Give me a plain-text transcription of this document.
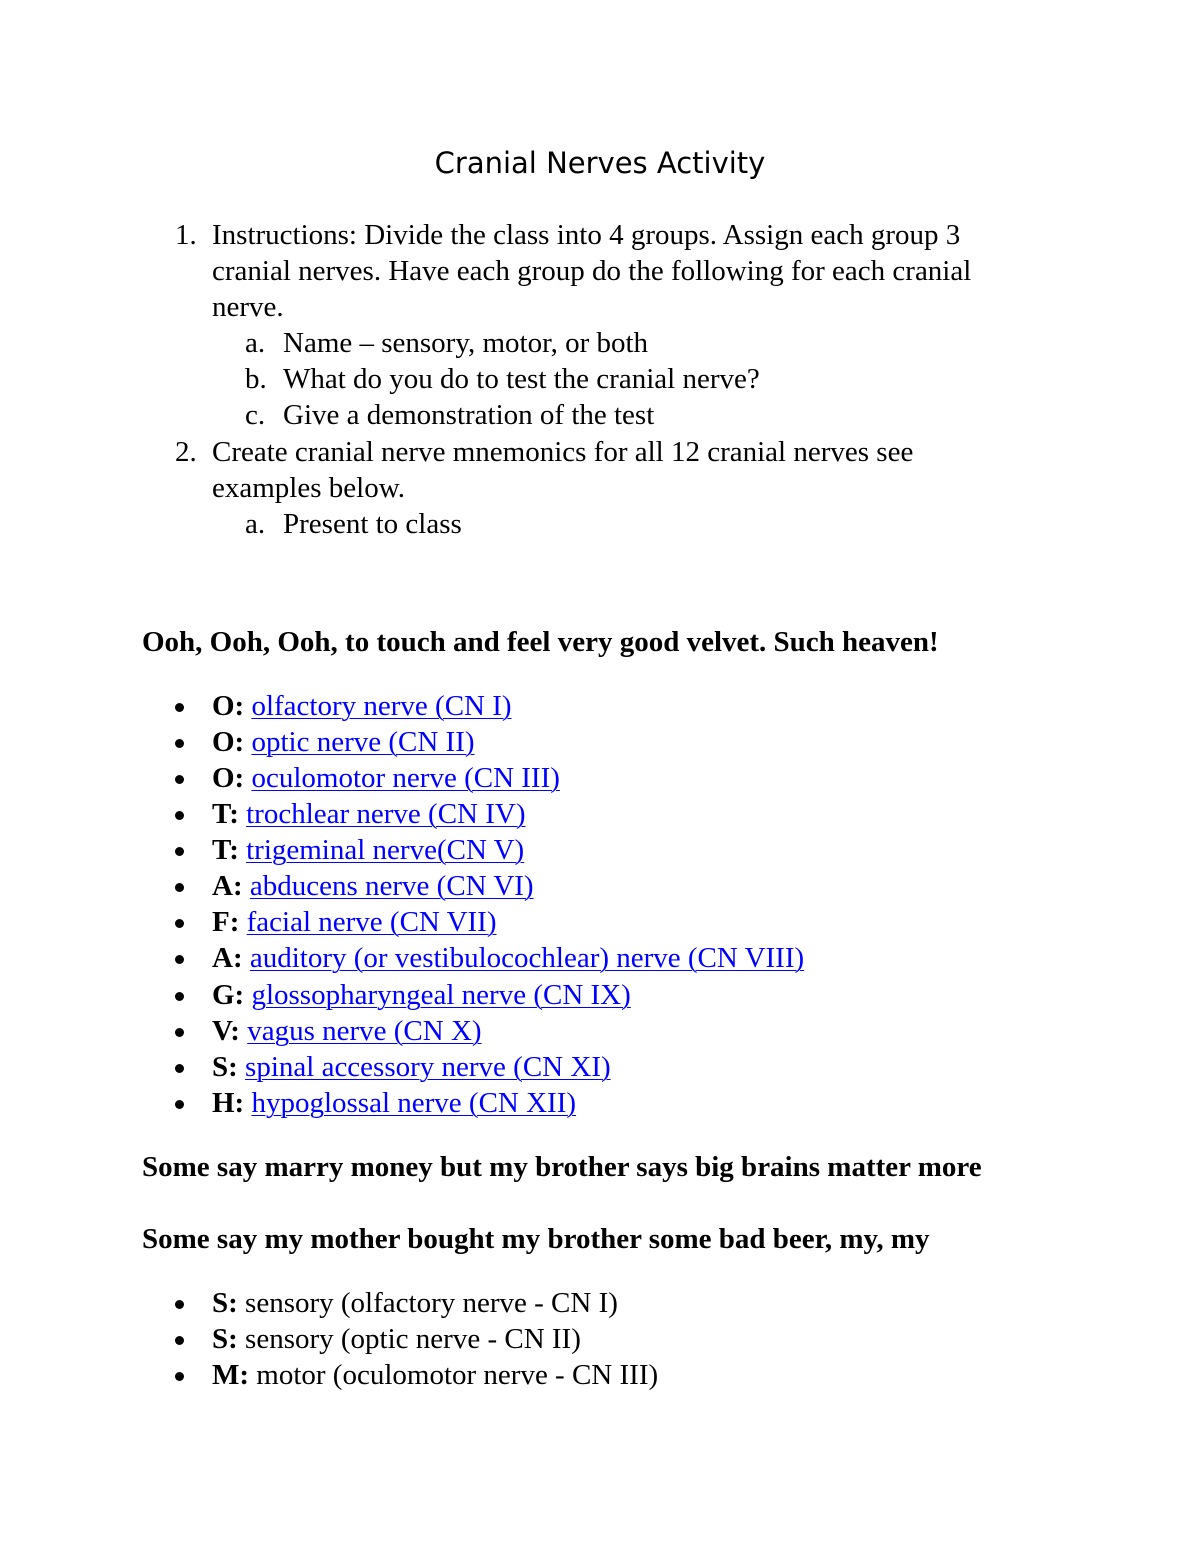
Cranial Nerves Activity
1. Instructions: Divide the class into 4 groups. Assign each group 3
cranial nerves. Have each group do the following for each cranial
nerve.
a. Name – sensory, motor, or both
b. What do you do to test the cranial nerve?
c. Give a demonstration of the test
2. Create cranial nerve mnemonics for all 12 cranial nerves see
examples below.
a. Present to class
Ooh, Ooh, Ooh, to touch and feel very good velvet. Such heaven!
O: olfactory nerve (CN I)
O: optic nerve (CN II)
O: oculomotor nerve (CN III)
T: trochlear nerve (CN IV)
T: trigeminal nerve(CN V)
A: abducens nerve (CN VI)
F: facial nerve (CN VII)
A: auditory (or vestibulocochlear) nerve (CN VIII)
G: glossopharyngeal nerve (CN IX)
V: vagus nerve (CN X)
S: spinal accessory nerve (CN XI)
H: hypoglossal nerve (CN XII)
Some say marry money but my brother says big brains matter more
Some say my mother bought my brother some bad beer, my, my
S: sensory (olfactory nerve - CN I)
S: sensory (optic nerve - CN II)
M: motor (oculomotor nerve - CN III)
